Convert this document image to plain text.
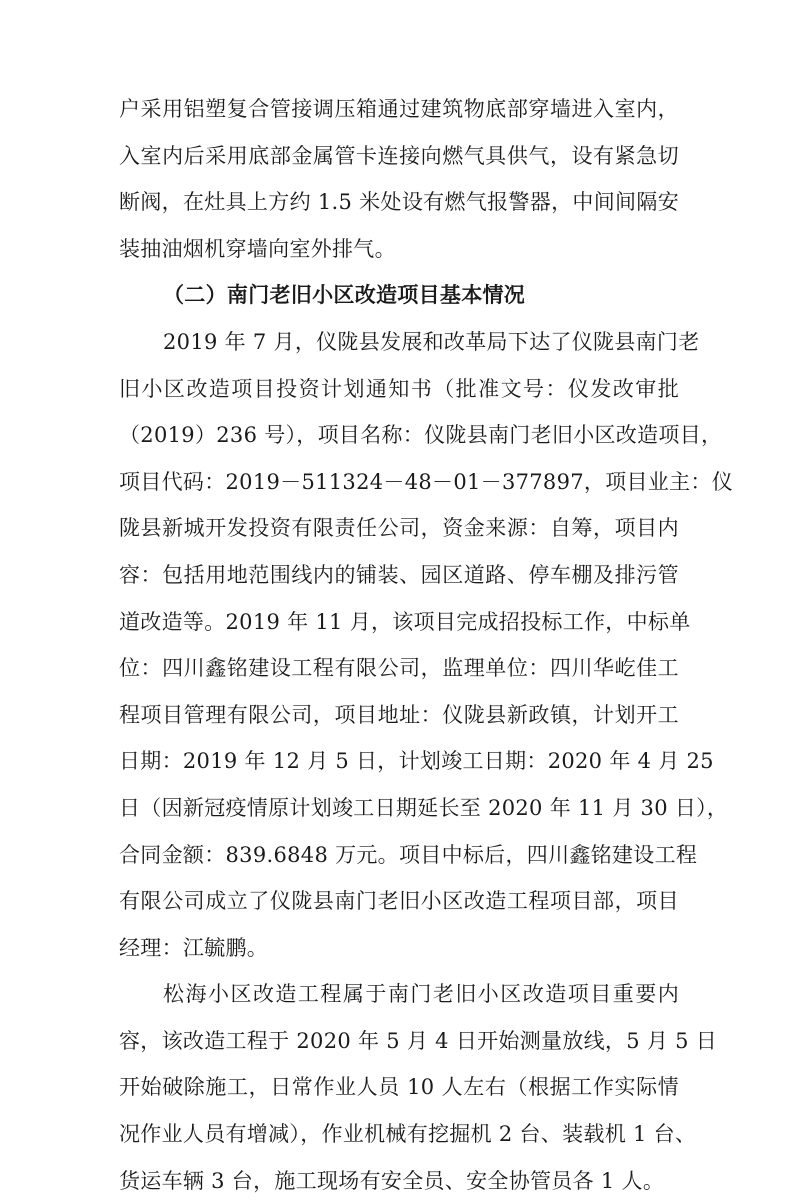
户采用铝塑复合管接调压箱通过建筑物底部穿墙进入室内，
入室内后采用底部金属管卡连接向燃气具供气，设有紧急切
断阀，在灶具上方约 1.5 米处设有燃气报警器，中间间隔安
装抽油烟机穿墙向室外排气。
（二）南门老旧小区改造项目基本情况
2019 年 7 月，仪陇县发展和改革局下达了仪陇县南门老
旧小区改造项目投资计划通知书（批准文号：仪发改审批
（2019）236 号），项目名称：仪陇县南门老旧小区改造项目，
项目代码：2019－511324－48－01－377897，项目业主：仪
陇县新城开发投资有限责任公司，资金来源：自筹，项目内
容：包括用地范围线内的铺装、园区道路、停车棚及排污管
道改造等。2019 年 11 月，该项目完成招投标工作，中标单
位：四川鑫铭建设工程有限公司，监理单位：四川华屹佳工
程项目管理有限公司，项目地址：仪陇县新政镇，计划开工
日期：2019 年 12 月 5 日，计划竣工日期：2020 年 4 月 25
日（因新冠疫情原计划竣工日期延长至 2020 年 11 月 30 日），
合同金额：839.6848 万元。项目中标后，四川鑫铭建设工程
有限公司成立了仪陇县南门老旧小区改造工程项目部，项目
经理：江毓鹏。
松海小区改造工程属于南门老旧小区改造项目重要内
容，该改造工程于 2020 年 5 月 4 日开始测量放线，5 月 5 日
开始破除施工，日常作业人员 10 人左右（根据工作实际情
况作业人员有增减），作业机械有挖掘机 2 台、装载机 1 台、
货运车辆 3 台，施工现场有安全员、安全协管员各 1 人。
